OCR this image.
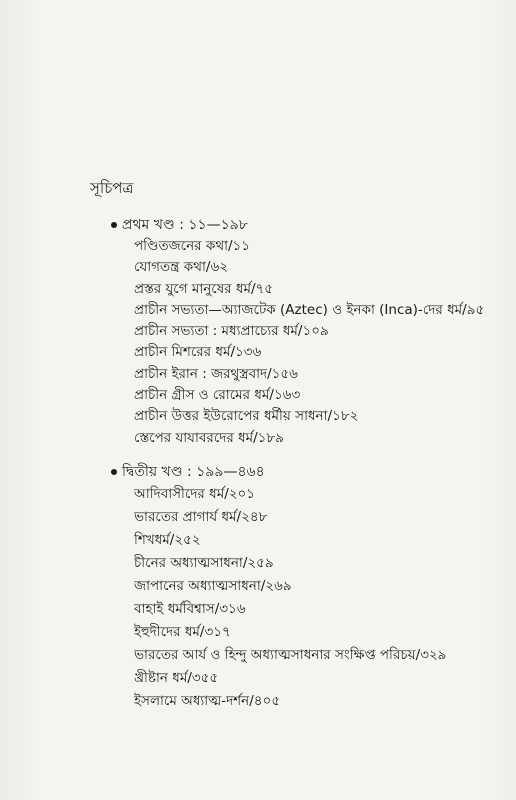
সূচিপত্র
প্রথম খণ্ড : ১১—১৯৮
পণ্ডিতজনের কথা/১১
যোগতন্ত্র কথা/৬২
প্রস্তর যুগে মানুষের ধর্ম/৭৫
প্রাচীন সভ্যতা—অ্যাজটেক (Aztec) ও ইনকা (Inca)-দের ধর্ম/৯৫
প্রাচীন সভ্যতা : মধ্যপ্রাচ্যের ধর্ম/১০৯
প্রাচীন মিশরের ধর্ম/১৩৬
প্রাচীন ইরান : জরথুস্ত্রবাদ/১৫৬
প্রাচীন গ্রীস ও রোমের ধর্ম/১৬৩
প্রাচীন উত্তর ইউরোপের ধর্মীয় সাধনা/১৮২
স্তেপের যাযাবরদের ধর্ম/১৮৯
দ্বিতীয় খণ্ড : ১৯৯—৪৬৪
আদিবাসীদের ধর্ম/২০১
ভারতের প্রাগার্য ধর্ম/২৪৮
শিখধর্ম/২৫২
চীনের অধ্যাত্মসাধনা/২৫৯
জাপানের অধ্যাত্মসাধনা/২৬৯
বাহাই ধর্মবিশ্বাস/৩১৬
ইহুদীদের ধর্ম/৩১৭
ভারতের আর্য ও হিন্দু অধ্যাত্মসাধনার সংক্ষিপ্ত পরিচয়/৩২৯
খ্রীষ্টান ধর্ম/৩৫৫
ইসলামে অধ্যাত্ম-দর্শন/৪০৫
